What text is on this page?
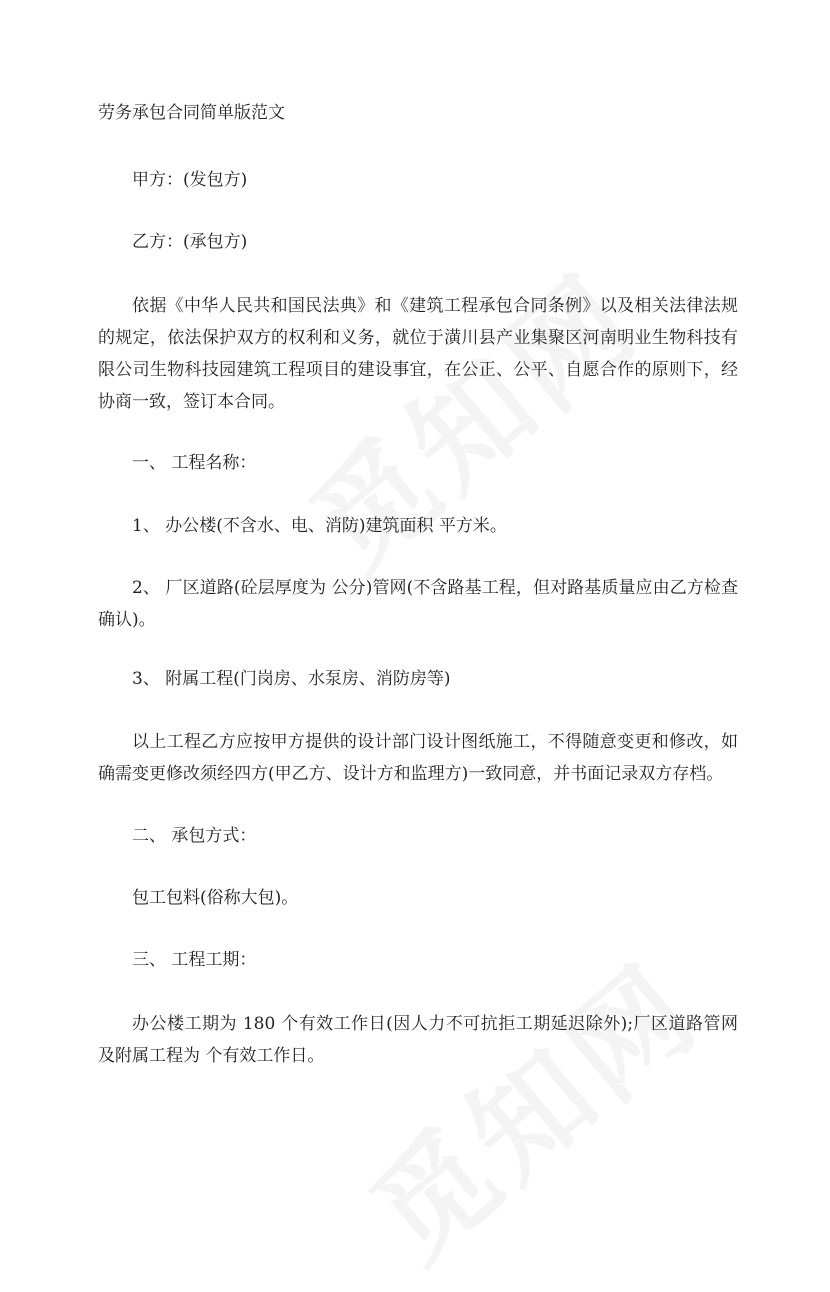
劳务承包合同简单版范文

甲方：(发包方)

乙方：(承包方)

依据《中华人民共和国民法典》和《建筑工程承包合同条例》以及相关法律法规的规定，依法保护双方的权利和义务，就位于潢川县产业集聚区河南明业生物科技有限公司生物科技园建筑工程项目的建设事宜，在公正、公平、自愿合作的原则下，经协商一致，签订本合同。

一、 工程名称：

1、 办公楼(不含水、电、消防)建筑面积 平方米。

2、 厂区道路(砼层厚度为 公分)管网(不含路基工程，但对路基质量应由乙方检查确认)。

3、 附属工程(门岗房、水泵房、消防房等)

以上工程乙方应按甲方提供的设计部门设计图纸施工，不得随意变更和修改，如确需变更修改须经四方(甲乙方、设计方和监理方)一致同意，并书面记录双方存档。

二、 承包方式：

包工包料(俗称大包)。

三、 工程工期：

办公楼工期为 180 个有效工作日(因人力不可抗拒工期延迟除外);厂区道路管网及附属工程为 个有效工作日。
